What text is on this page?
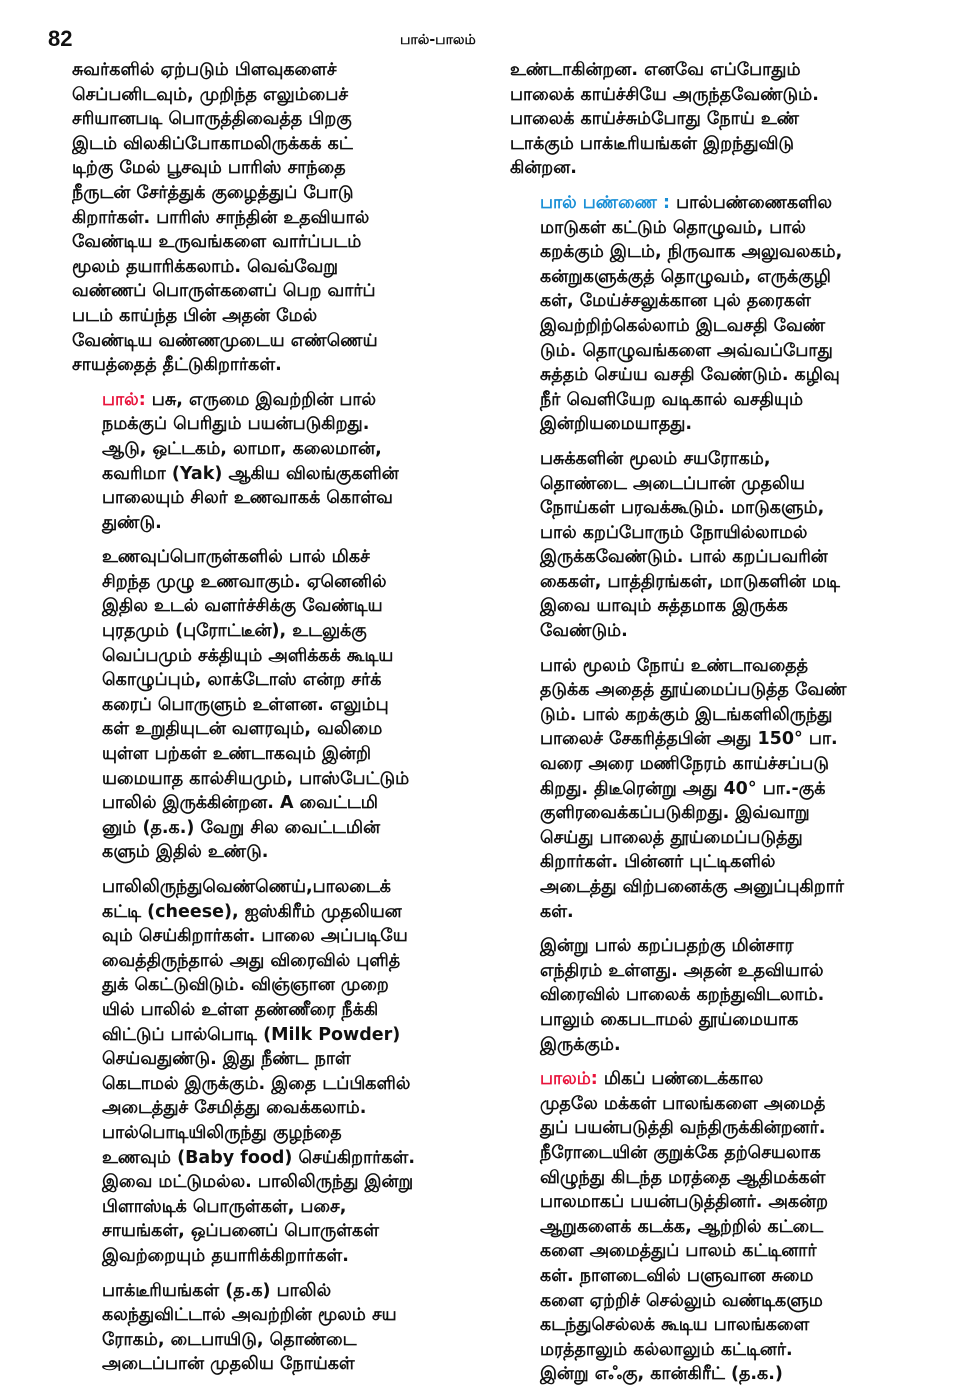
82	பால்-பாலம்
சுவர்களில் ஏற்படும் பிளவுகளைச்
செப்பனிடவும், முறிந்த எலும்பைச்
சரியானபடி பொருத்திவைத்த பிறகு
இடம் விலகிப்போகாமலிருக்கக் கட்
டிற்கு மேல் பூசவும் பாரிஸ் சாந்தை
நீருடன் சேர்த்துக் குழைத்துப் போடு
கிறார்கள். பாரிஸ் சாந்தின் உதவியால்
வேண்டிய உருவங்களை வார்ப்படம்
மூலம் தயாரிக்கலாம். வெவ்வேறு
வண்ணப் பொருள்களைப் பெற வார்ப்
படம் காய்ந்த பின் அதன் மேல்
வேண்டிய வண்ணமுடைய எண்ணெய்
சாயத்தைத் தீட்டுகிறார்கள்.
பால்: பசு, எருமை இவற்றின் பால்
நமக்குப் பெரிதும் பயன்படுகிறது.
ஆடு, ஒட்டகம், லாமா, கலைமான்,
கவரிமா (Yak) ஆகிய விலங்குகளின்
பாலையும் சிலர் உணவாகக் கொள்வ
துண்டு.
உணவுப்பொருள்களில் பால் மிகச்
சிறந்த முழு உணவாகும். ஏனெனில்
இதில உடல் வளர்ச்சிக்கு வேண்டிய
புரதமும் (புரோட்டீன்), உடலுக்கு
வெப்பமும் சக்தியும் அளிக்கக் கூடிய
கொழுப்பும், லாக்டோஸ் என்ற சர்க்
கரைப் பொருளும் உள்ளன. எலும்பு
கள் உறுதியுடன் வளரவும், வலிமை
யுள்ள பற்கள் உண்டாகவும் இன்றி
யமையாத கால்சியமும், பாஸ்பேட்டும்
பாலில் இருக்கின்றன. A வைட்டமி
னும் (த.க.) வேறு சில வைட்டமின்
களும் இதில் உண்டு.
பாலிலிருந்துவெண்ணெய்,பாலடைக்
கட்டி (cheese), ஐஸ்கிரீம் முதலியன
வும் செய்கிறார்கள். பாலை அப்படியே
வைத்திருந்தால் அது விரைவில் புளித்
துக் கெட்டுவிடும். விஞ்ஞான முறை
யில் பாலில் உள்ள தண்ணீரை நீக்கி
விட்டுப் பால்பொடி (Milk Powder)
செய்வதுண்டு. இது நீண்ட நாள்
கெடாமல் இருக்கும். இதை டப்பிகளில்
அடைத்துச் சேமித்து வைக்கலாம்.
பால்பொடியிலிருந்து குழந்தை
உணவும் (Baby food) செய்கிறார்கள்.
இவை மட்டுமல்ல. பாலிலிருந்து இன்று
பிளாஸ்டிக் பொருள்கள், பசை,
சாயங்கள், ஒப்பனைப் பொருள்கள்
இவற்றையும் தயாரிக்கிறார்கள்.
பாக்டீரியங்கள் (த.க) பாலில்
கலந்துவிட்டால் அவற்றின் மூலம் சய
ரோகம், டைபாயிடு, தொண்டை
அடைப்பான் முதலிய நோய்கள்
உண்டாகின்றன. எனவே எப்போதும்
பாலைக் காய்ச்சியே அருந்தவேண்டும்.
பாலைக் காய்ச்சும்போது நோய் உண்
டாக்கும் பாக்டீரியங்கள் இறந்துவிடு
கின்றன.
பால் பண்ணை : பால்பண்ணைகளில
மாடுகள் கட்டும் தொழுவம், பால்
கறக்கும் இடம், நிருவாக அலுவலகம்,
கன்றுகளுக்குத் தொழுவம், எருக்குழி
கள், மேய்ச்சலுக்கான புல் தரைகள்
இவற்றிற்கெல்லாம் இடவசதி வேண்
டும். தொழுவங்களை அவ்வப்போது
சுத்தம் செய்ய வசதி வேண்டும். கழிவு
நீர் வெளியேற வடிகால் வசதியும்
இன்றியமையாதது.
பசுக்களின் மூலம் சயரோகம்,
தொண்டை அடைப்பான் முதலிய
நோய்கள் பரவக்கூடும். மாடுகளும்,
பால் கறப்போரும் நோயில்லாமல்
இருக்கவேண்டும். பால் கறப்பவரின்
கைகள், பாத்திரங்கள், மாடுகளின் மடி
இவை யாவும் சுத்தமாக இருக்க
வேண்டும்.
பால் மூலம் நோய் உண்டாவதைத்
தடுக்க அதைத் தூய்மைப்படுத்த வேண்
டும். பால் கறக்கும் இடங்களிலிருந்து
பாலைச் சேகரித்தபின் அது 150° பா.
வரை அரை மணிநேரம் காய்ச்சப்படு
கிறது. திடீரென்று அது 40° பா.-குக்
குளிரவைக்கப்படுகிறது. இவ்வாறு
செய்து பாலைத் தூய்மைப்படுத்து
கிறார்கள். பின்னர் புட்டிகளில்
அடைத்து விற்பனைக்கு அனுப்புகிறார்
கள்.
இன்று பால் கறப்பதற்கு மின்சார
எந்திரம் உள்ளது. அதன் உதவியால்
விரைவில் பாலைக் கறந்துவிடலாம்.
பாலும் கைபடாமல் தூய்மையாக
இருக்கும்.
பாலம்: மிகப் பண்டைக்கால
முதலே மக்கள் பாலங்களை அமைத்
துப் பயன்படுத்தி வந்திருக்கின்றனர்.
நீரோடையின் குறுக்கே தற்செயலாக
விழுந்து கிடந்த மரத்தை ஆதிமக்கள்
பாலமாகப் பயன்படுத்தினர். அகன்ற
ஆறுகளைக் கடக்க, ஆற்றில் கட்டை
களை அமைத்துப் பாலம் கட்டினார்
கள். நாளடைவில் பளுவான சுமை
களை ஏற்றிச் செல்லும் வண்டிகளும
கடந்துசெல்லக் கூடிய பாலங்களை
மரத்தாலும் கல்லாலும் கட்டினர்.
இன்று எஃகு, கான்கிரீட் (த.க.)
